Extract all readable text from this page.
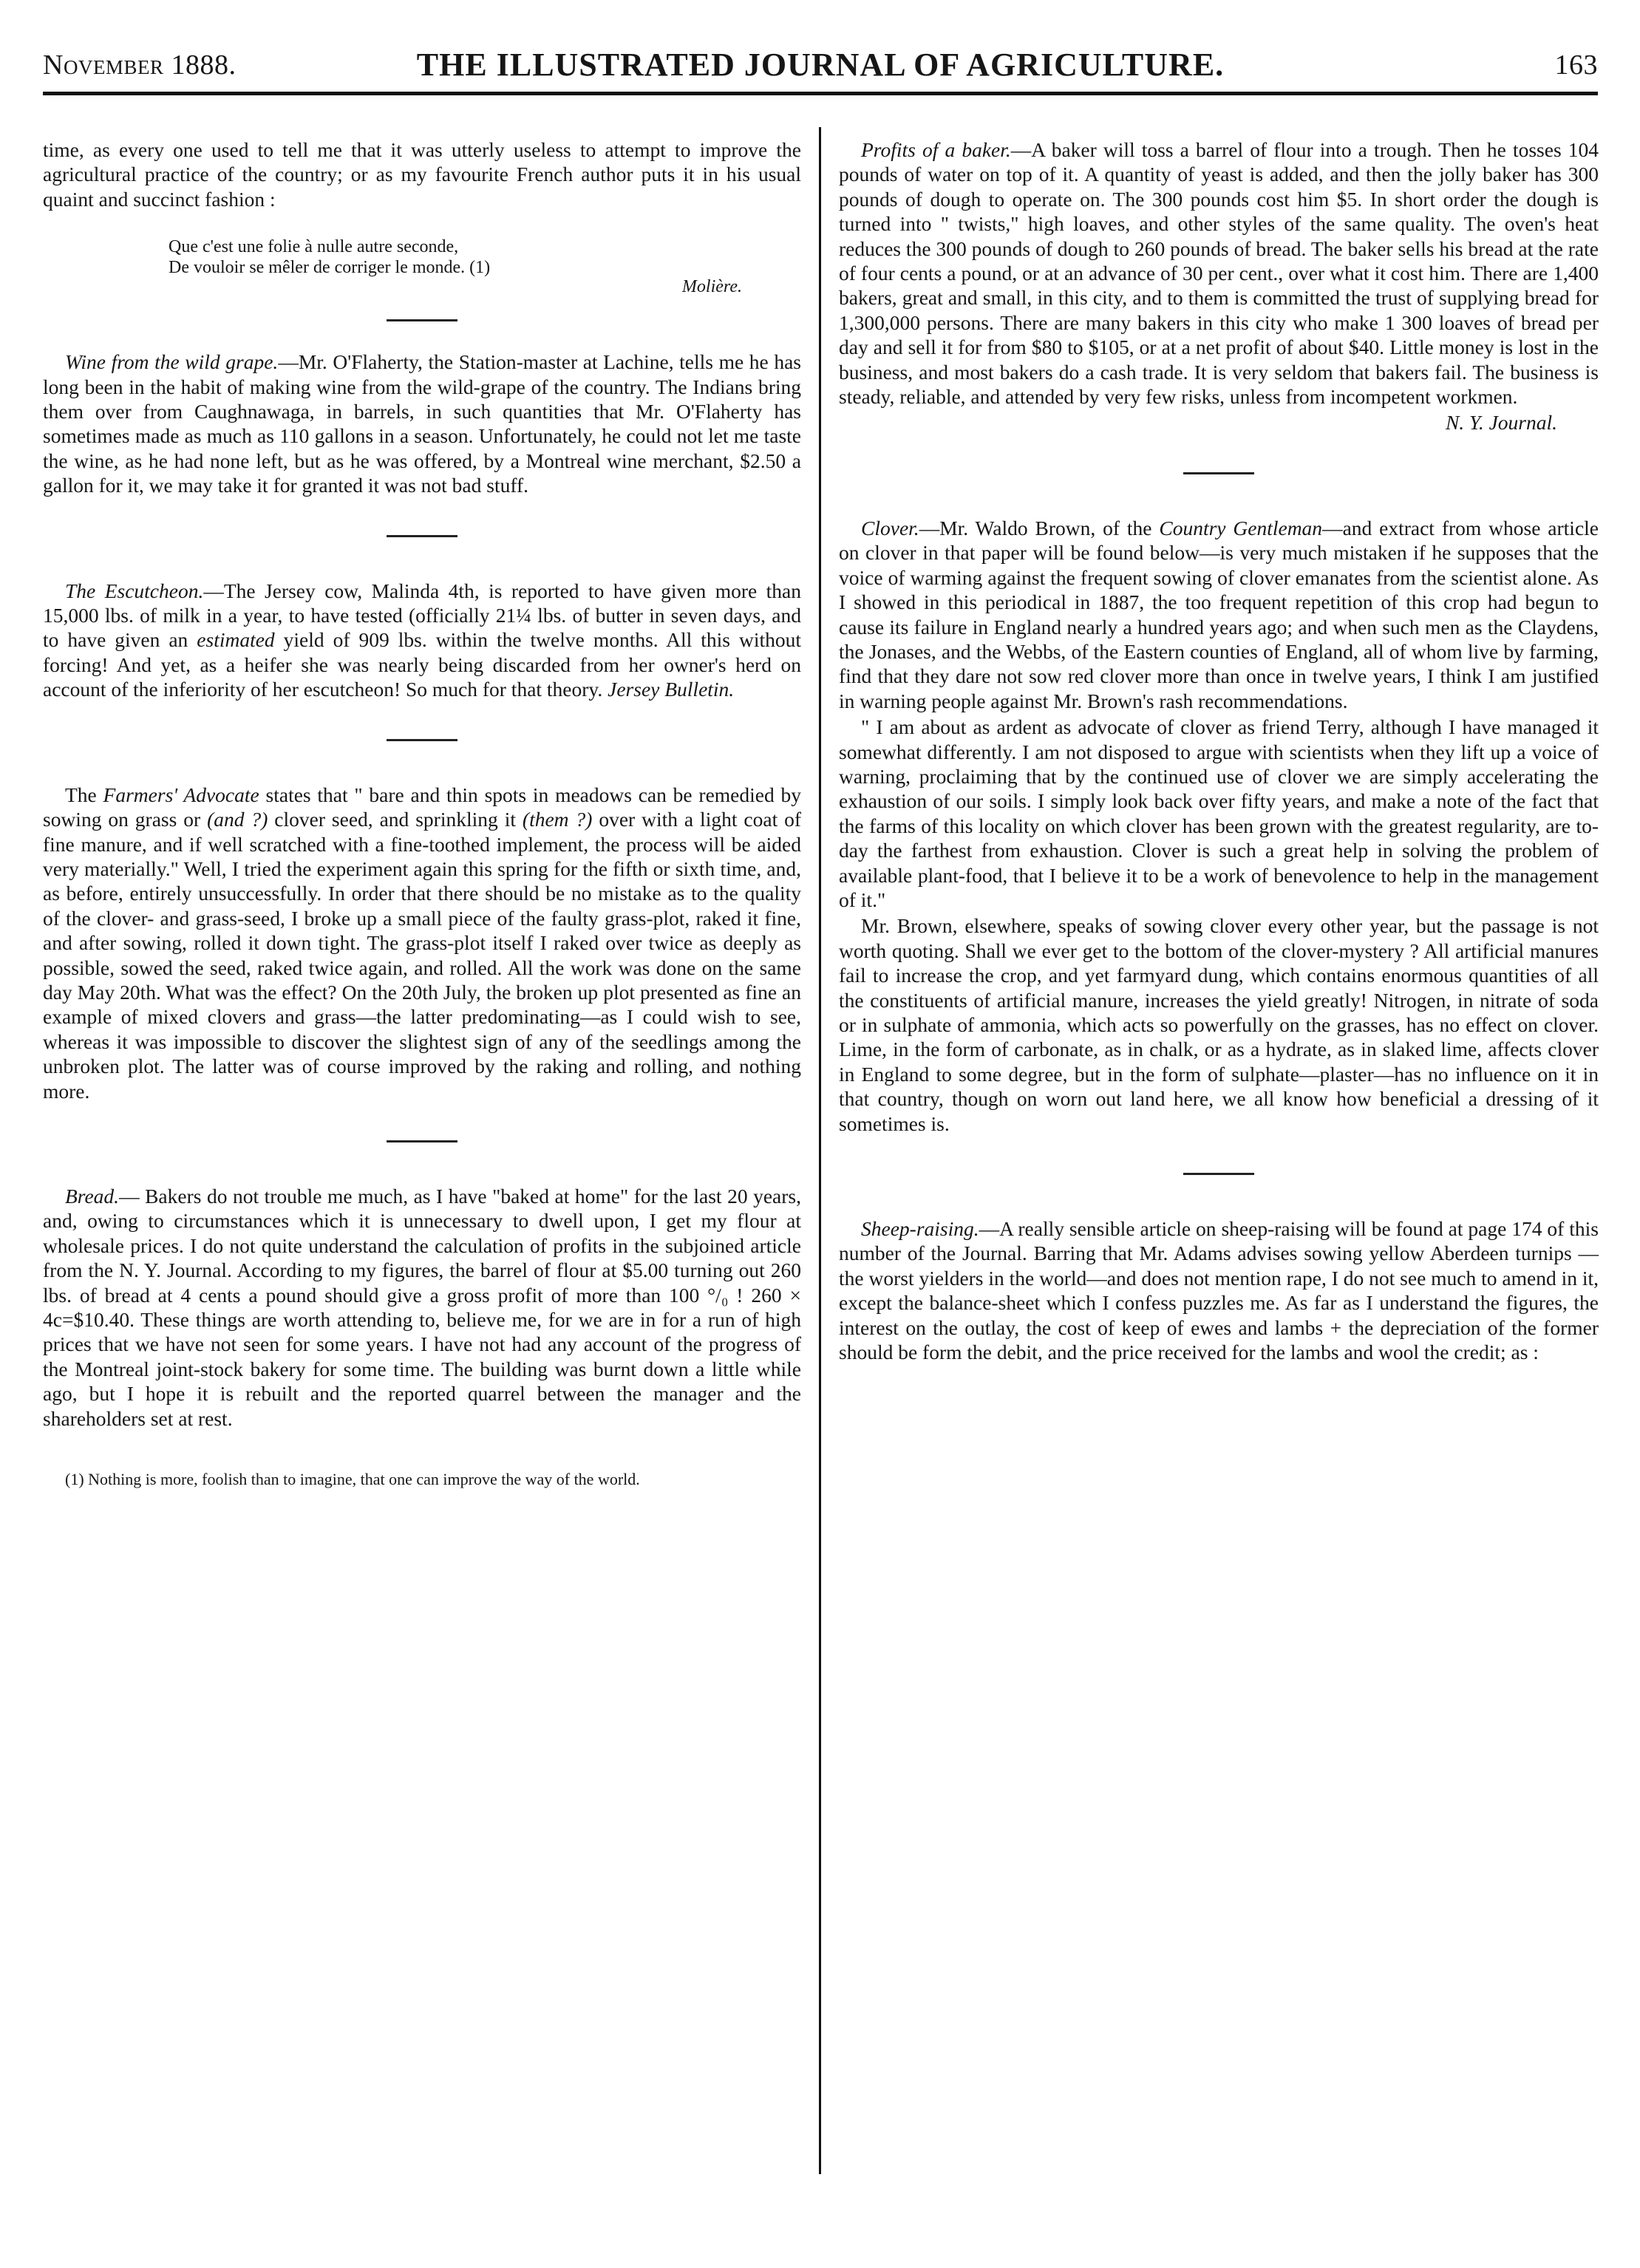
November 1888.	THE ILLUSTRATED JOURNAL OF AGRICULTURE.	163

time, as every one used to tell me that it was utterly useless to attempt to improve the agricultural practice of the country; or as my favourite French author puts it in his usual quaint and succinct fashion :

Que c'est une folie à nulle autre seconde,
De vouloir se mêler de corriger le monde. (1)
Molière.

Wine from the wild grape.—Mr. O'Flaherty, the Station-master at Lachine, tells me he has long been in the habit of making wine from the wild-grape of the country. The Indians bring them over from Caughnawaga, in barrels, in such quantities that Mr. O'Flaherty has sometimes made as much as 110 gallons in a season. Unfortunately, he could not let me taste the wine, as he had none left, but as he was offered, by a Montreal wine merchant, $2.50 a gallon for it, we may take it for granted it was not bad stuff.

The Escutcheon.—The Jersey cow, Malinda 4th, is reported to have given more than 15,000 lbs. of milk in a year, to have tested (officially 21¼ lbs. of butter in seven days, and to have given an estimated yield of 909 lbs. within the twelve months. All this without forcing! And yet, as a heifer she was nearly being discarded from her owner's herd on account of the inferiority of her escutcheon! So much for that theory. Jersey Bulletin.

The Farmers' Advocate states that " bare and thin spots in meadows can be remedied by sowing on grass or (and ?) clover seed, and sprinkling it (them ?) over with a light coat of fine manure, and if well scratched with a fine-toothed implement, the process will be aided very materially." Well, I tried the experiment again this spring for the fifth or sixth time, and, as before, entirely unsuccessfully. In order that there should be no mistake as to the quality of the clover- and grass-seed, I broke up a small piece of the faulty grass-plot, raked it fine, and after sowing, rolled it down tight. The grass-plot itself I raked over twice as deeply as possible, sowed the seed, raked twice again, and rolled. All the work was done on the same day May 20th. What was the effect? On the 20th July, the broken up plot presented as fine an example of mixed clovers and grass—the latter predominating—as I could wish to see, whereas it was impossible to discover the slightest sign of any of the seedlings among the unbroken plot. The latter was of course improved by the raking and rolling, and nothing more.

Bread.— Bakers do not trouble me much, as I have "baked at home" for the last 20 years, and, owing to circumstances which it is unnecessary to dwell upon, I get my flour at wholesale prices. I do not quite understand the calculation of profits in the subjoined article from the N. Y. Journal. According to my figures, the barrel of flour at $5.00 turning out 260 lbs. of bread at 4 cents a pound should give a gross profit of more than 100 °/₀ ! 260 × 4c=$10.40. These things are worth attending to, believe me, for we are in for a run of high prices that we have not seen for some years. I have not had any account of the progress of the Montreal joint-stock bakery for some time. The building was burnt down a little while ago, but I hope it is rebuilt and the reported quarrel between the manager and the shareholders set at rest.

(1) Nothing is more, foolish than to imagine, that one can improve the way of the world.

Profits of a baker.—A baker will toss a barrel of flour into a trough. Then he tosses 104 pounds of water on top of it. A quantity of yeast is added, and then the jolly baker has 300 pounds of dough to operate on. The 300 pounds cost him $5. In short order the dough is turned into " twists," high loaves, and other styles of the same quality. The oven's heat reduces the 300 pounds of dough to 260 pounds of bread. The baker sells his bread at the rate of four cents a pound, or at an advance of 30 per cent., over what it cost him. There are 1,400 bakers, great and small, in this city, and to them is committed the trust of supplying bread for 1,300,000 persons. There are many bakers in this city who make 1 300 loaves of bread per day and sell it for from $80 to $105, or at a net profit of about $40. Little money is lost in the business, and most bakers do a cash trade. It is very seldom that bakers fail. The business is steady, reliable, and attended by very few risks, unless from incompetent workmen.

N. Y. Journal.

Clover.—Mr. Waldo Brown, of the Country Gentleman—and extract from whose article on clover in that paper will be found below—is very much mistaken if he supposes that the voice of warming against the frequent sowing of clover emanates from the scientist alone. As I showed in this periodical in 1887, the too frequent repetition of this crop had begun to cause its failure in England nearly a hundred years ago; and when such men as the Claydens, the Jonases, and the Webbs, of the Eastern counties of England, all of whom live by farming, find that they dare not sow red clover more than once in twelve years, I think I am justified in warning people against Mr. Brown's rash recommendations.

" I am about as ardent as advocate of clover as friend Terry, although I have managed it somewhat differently. I am not disposed to argue with scientists when they lift up a voice of warning, proclaiming that by the continued use of clover we are simply accelerating the exhaustion of our soils. I simply look back over fifty years, and make a note of the fact that the farms of this locality on which clover has been grown with the greatest regularity, are to-day the farthest from exhaustion. Clover is such a great help in solving the problem of available plant-food, that I believe it to be a work of benevolence to help in the management of it."

Mr. Brown, elsewhere, speaks of sowing clover every other year, but the passage is not worth quoting. Shall we ever get to the bottom of the clover-mystery ? All artificial manures fail to increase the crop, and yet farmyard dung, which contains enormous quantities of all the constituents of artificial manure, increases the yield greatly! Nitrogen, in nitrate of soda or in sulphate of ammonia, which acts so powerfully on the grasses, has no effect on clover. Lime, in the form of carbonate, as in chalk, or as a hydrate, as in slaked lime, affects clover in England to some degree, but in the form of sulphate—plaster—has no influence on it in that country, though on worn out land here, we all know how beneficial a dressing of it sometimes is.

Sheep-raising.—A really sensible article on sheep-raising will be found at page 174 of this number of the Journal. Barring that Mr. Adams advises sowing yellow Aberdeen turnips —the worst yielders in the world—and does not mention rape, I do not see much to amend in it, except the balance-sheet which I confess puzzles me. As far as I understand the figures, the interest on the outlay, the cost of keep of ewes and lambs + the depreciation of the former should be form the debit, and the price received for the lambs and wool the credit; as :
